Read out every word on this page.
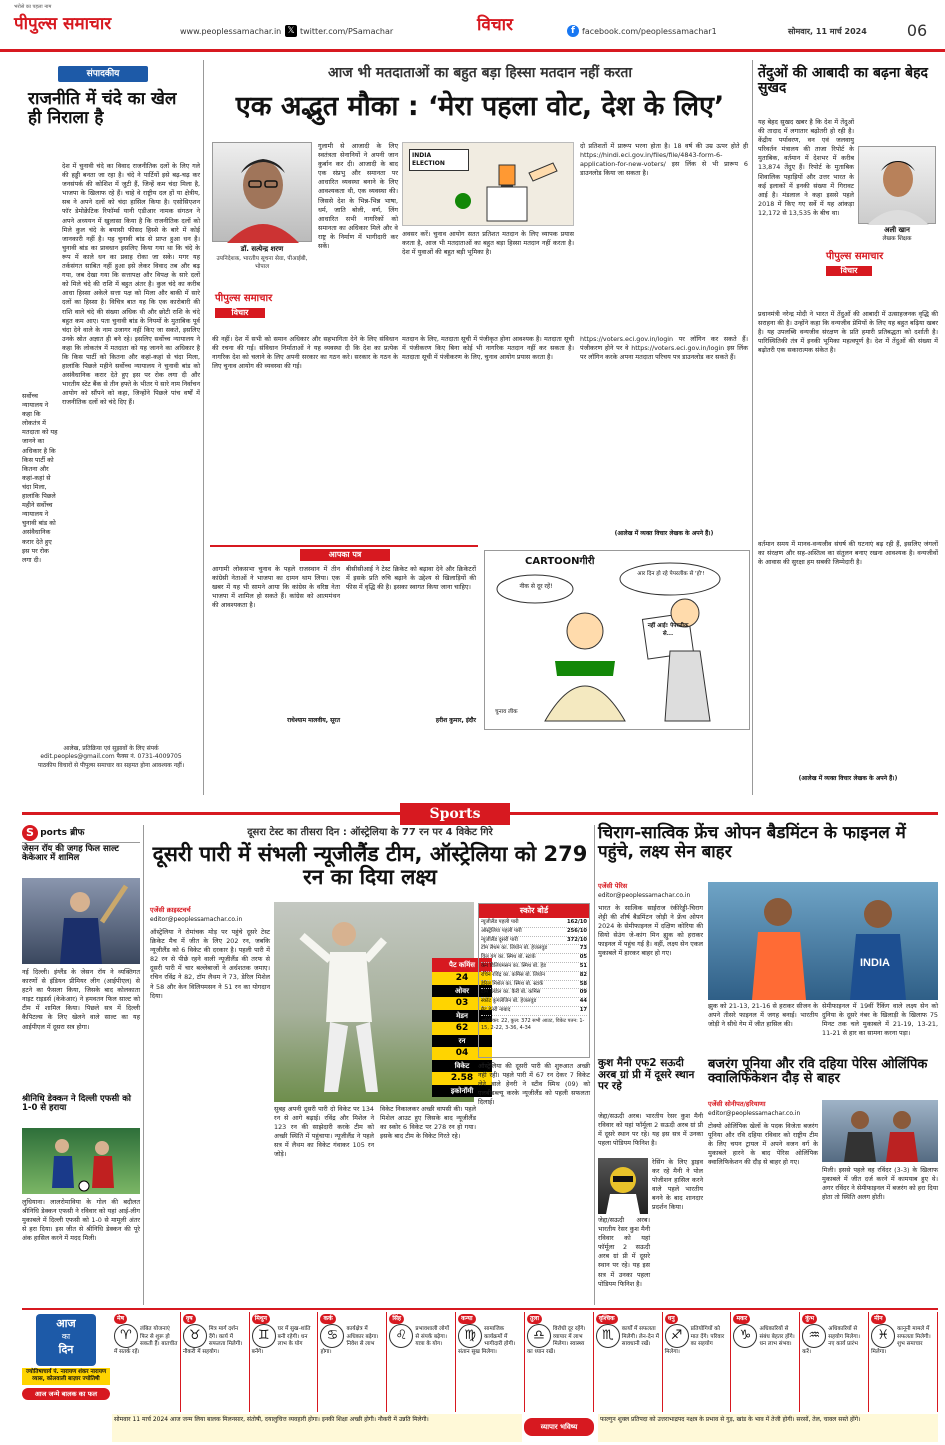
भरोसे का पहला नाम
पीपुल्स समाचार	www.peoplessamachar.in 𝕏 twitter.com/PSamachar	विचार	f facebook.com/peoplessamachar1	सोमवार, 11 मार्च 2024	06
संपादकीय
राजनीति में चंदे का खेल ही निराला है
देश में चुनावी चंदे का विवाद राजनीतिक दलों के लिए गले की हड्डी बनता जा रहा है। चंदे ने पार्टियों इसे बढ़-चढ़ कर जनसंपर्क की कोशिश में जुटी हैं, जिन्हें कम चंदा मिला है, भाजपा के खिलाफ रहे हैं। चाहे वे राष्ट्रीय दल हों या क्षेत्रीय, सब ने अपने दलों को चंदा हासिल किया है। एसोसिएशन फॉर डेमोक्रेटिक रिफॉर्म्स यानी एडीआर नामक संगठन ने अपने अध्ययन में खुलासा किया है कि राजनीतिक दलों को मिले कुल चंदे के बयासी फीसद हिस्से के बारे में कोई जानकारी नहीं है। यह चुनावी बांड से प्राप्त हुआ धन है। चुनावी बांड का प्रावधान इसलिए किया गया था कि चंदे के रूप में काले धन का प्रवाह रोका जा सके। मगर यह तर्कसंगत साबित नहीं हुआ इसे लेकर विवाद तब और बढ़ गया, जब देखा गया कि सत्तापक्ष और विपक्ष के सारे दलों को मिले चंदे की राशि में बहुत अंतर है। कुल चंदे का करीब आधा हिस्सा अकेले सत्ता पक्ष को मिला और बाकी में सारे दलों का हिस्सा है। विचित्र बात यह कि एक कारोबारी की राशि वाले चंदे की संख्या अधिक थी और छोटी राशि के चंदे बहुत कम आए। पता चुनावी बांड के नियमों के मुताबिक पूर्व चंदा देने वाले के नाम उजागर नहीं किए जा सकते, इसलिए उनके स्रोत अज्ञात ही बने रहे। इसलिए सर्वोच्च न्यायालय ने कहा कि लोकतंत्र में मतदाता को यह जानने का अधिकार है कि किस पार्टी को कितना और कहां-कहां से चंदा मिला, हालांकि पिछले महीने सर्वोच्च न्यायालय ने चुनावी बांड को असंवैधानिक करार देते हुए इस पर रोक लगा दी और भारतीय स्टेट बैंक से तीन हफ्ते के भीतर ये सारे नाम निर्वाचन आयोग को सौंपने को कहा, जिन्होंने पिछले पांच वर्षों में राजनीतिक दलों को चंदे दिए हैं।
सर्वोच्च न्यायालय ने कहा कि लोकतंत्र में मतदाता को यह जानने का अधिकार है कि किस पार्टी को कितना और कहां-कहां से चंदा मिला, हालांकि पिछले महीने सर्वोच्च न्यायालय ने चुनावी बांड को असंवैधानिक करार देते हुए इस पर रोक लगा दी।
आलेख, प्रतिक्रिया एवं सुझावों के लिए संपर्क
edit.peoples@gmail.com फैक्स नं. 0731-4009705
पाठकीय विचारों से पीपुल्स समाचार का सहमत होना आवश्यक नहीं।
आज भी मतदाताओं का बहुत बड़ा हिस्सा मतदान नहीं करता
एक अद्भुत मौका : ‘मेरा पहला वोट, देश के लिए’
डॉ. सत्येन्द्र शरण
उपनिदेशक, भारतीय सूचना सेवा, पीआईबी, भोपाल
गुलामी से आजादी के लिए स्वतंत्रता सेनानियों ने अपनी जान कुर्बान कर दी। आजादी के बाद एक संप्रभु और समानता पर आधारित व्यवस्था बनाने के लिए आवश्यकता थी, एक व्यवस्था की। जिससे देश के भिन्न-भिन्न भाषा, धर्म, जाति बोली, वर्ण, लिंग आधारित सभी नागरिकों को समानता का अधिकार मिले और वे राष्ट्र के निर्माण में भागीदारी कर सकें।
पीपुल्स समाचार
विचार
INDIA ELECTION
अवसर करें। चुनाव आयोग सतत प्रतिशत मतदान के लिए व्यापक प्रयास करता है, आज भी मतदाताओं का बहुत बड़ा हिस्सा मतदान नहीं करता है। देश में युवाओं की बहुत बड़ी भूमिका है।
दो प्रतिशतों में प्रारूप भरना होता है। 18 वर्ष की उम्र ऊपर होते ही https://hindi.eci.gov.in/files/file/4843-form-6-application-for-new-voters/ इस लिंक से भी प्रारूप 6 डाउनलोड किया जा सकता है।
की नहीं। देश में सभी को समान अधिकार और सहभागिता देने के लिए संविधान की रचना की गई। संविधान निर्माताओं ने यह व्यवस्था दी कि देश का प्रत्येक नागरिक देश को चलाने के लिए अपनी सरकार का गठन करे। सरकार के गठन के लिए चुनाव आयोग की व्यवस्था की गई।
मतदान के लिए, मतदाता सूची में पंजीकृत होना आवश्यक है। मतदाता सूची में पंजीकरण किए बिना कोई भी नागरिक मतदान नहीं कर सकता है। मतदाता सूची में पंजीकरण के लिए, चुनाव आयोग प्रयास करता है।
https://voters.eci.gov.in/login पर लॉगिन कर सकते हैं। पंजीकरण होने पर वे https://voters.eci.gov.in/login इस लिंक पर लॉगिन करके अपना मतदाता परिचय पत्र डाउनलोड कर सकते हैं।
(आलेख में व्यक्त विचार लेखक के अपने हैं।)
आपका पत्र
आगामी लोकसभा चुनाव के पहले राजस्थान में तीन कांग्रेसी नेताओं ने भाजपा का दामन थाम लिया। एक खबर में यह भी सामने आया कि कांग्रेस के वरिष्ठ नेता भाजपा में शामिल हो सकते हैं। कांग्रेस को आत्ममंथन की आवश्यकता है।
राधेश्याम मालवीय, सूरत
बीसीसीआई ने टेस्ट क्रिकेट को बढ़ावा देने और क्रिकेटरों में इसके प्रति रुचि बढ़ाने के उद्देश्य से खिलाड़ियों की फीस में वृद्धि की है। इसका स्वागत किया जाना चाहिए।
हरीश कुमार, इंदौर
CARTOONगीरी
नीक से दूर रहें!
आर दिन हो रहे पेपरलीक से 'हो'!
नहीं आई! पेपरलीक से...
चुनाव लीक
तेंदुओं की आबादी का बढ़ना बेहद सुखद
यह बेहद सुखद खबर है कि देश में तेंदुओं की तादाद में लगातार बढ़ोतरी हो रही है। केंद्रीय पर्यावरण, वन एवं जलवायु परिवर्तन मंत्रालय की ताजा रिपोर्ट के मुताबिक, वर्तमान में देशभर में करीब 13,874 तेंदुए हैं। रिपोर्ट के मुताबिक शिवालिक पहाड़ियों और उत्तर भारत के कई इलाकों में इनकी संख्या में गिरावट आई है। मंडलाल ने कहा इससे पहले 2018 में किए गए सर्वे में यह आंकड़ा 12,172 से 13,535 के बीच था।
अली खान
लेखक शिक्षक
पीपुल्स समाचार
विचार
प्रधानमंत्री नरेन्द्र मोदी ने भारत में तेंदुओं की आबादी में उत्साहजनक वृद्धि की सराहना की है। उन्होंने कहा कि वन्यजीव प्रेमियों के लिए यह बहुत बढ़िया खबर है। यह उपलब्धि वन्यजीव संरक्षण के प्रति हमारी प्रतिबद्धता को दर्शाती है। पारिस्थितिकी तंत्र में इनकी भूमिका महत्वपूर्ण है। देश में तेंदुओं की संख्या में बढ़ोतरी एक सकारात्मक संकेत है।
वर्तमान समय में मानव-वन्यजीव संघर्ष की घटनाएं बढ़ रही हैं, इसलिए जंगलों का संरक्षण और सह-अस्तित्व का संतुलन बनाए रखना आवश्यक है। वन्यजीवों के आवास की सुरक्षा हम सबकी जिम्मेदारी है।
(आलेख में व्यक्त विचार लेखक के अपने हैं।)
Sports
S ports ब्रीफ
जेसन रॉय की जगह फिल साल्ट केकेआर में शामिल
नई दिल्ली। इंग्लैंड के जेसन रॉय ने व्यक्तिगत कारणों से इंडियन प्रीमियर लीग (आईपीएल) से हटने का फैसला किया, जिसके बाद कोलकाता नाइट राइडर्स (केकेआर) ने हमवतन फिल साल्ट को टीम में शामिल किया। पिछले सत्र में दिल्ली कैपिटल्स के लिए खेलने वाले साल्ट का यह आईपीएल में दूसरा सत्र होगा।
श्रीनिधि डेक्कन ने दिल्ली एफसी को 1-0 से हराया
लुधियाना। लालरोमाविया के गोल की बदौलत श्रीनिधि डेक्कन एफसी ने रविवार को यहां आई-लीग मुकाबले में दिल्ली एफसी को 1-0 से मामूली अंतर से हरा दिया। इस जीत से श्रीनिधि डेक्कन की पूरे अंक हासिल करने में मदद मिली।
दूसरा टेस्ट का तीसरा दिन : ऑस्ट्रेलिया के 77 रन पर 4 विकेट गिरे
दूसरी पारी में संभली न्यूजीलैंड टीम, ऑस्ट्रेलिया को 279 रन का दिया लक्ष्य
एजेंसी क्राइस्टचर्च
editor@peoplessamachar.co.in
ऑस्ट्रेलिया ने रोमांचक मोड़ पर पहुंचे दूसरे टेस्ट क्रिकेट मैच में जीत के लिए 202 रन, जबकि न्यूजीलैंड को 6 विकेट की दरकार है। पहली पारी में 82 रन से पीछे रहने वाली न्यूजीलैंड की तरफ से दूसरी पारी में चार बल्लेबाजों ने अर्धशतक जमाए। रचिन रविंद्र ने 82, टॉम लैथम ने 73, डेरिल मिशेल ने 58 और केन विलियमसन ने 51 रन का योगदान दिया।
पैट कमिंस
24
ओवर
03
मेडन
62
रन
04
विकेट
2.58
इकोनॉमी
सुबह अपनी दूसरी पारी दो विकेट पर 134 रन से आगे बढ़ाई। रविंद्र और मिशेल ने 123 रन की साझेदारी करके टीम को अच्छी स्थिति में पहुंचाया। न्यूजीलैंड ने पहले सत्र में लैथम का विकेट गंवाकर 105 रन जोड़े।
विकेट निकालकर अच्छी वापसी की। पहले मिशेल आउट हुए जिसके बाद न्यूजीलैंड का स्कोर 6 विकेट पर 278 रन हो गया। इसके बाद टीम के विकेट गिरते रहे।
स्कोर बोर्ड
न्यूजीलैंड पहली पारी	162/10
ऑस्ट्रेलिया पहली पारी	256/10
न्यूजीलैंड दूसरी पारी	372/10
टॉम लैथम का. लियोन बो. हेजलवुड	73
विल यंग का. स्मिथ बो. स्टार्क	05
केन विलियमसन का. स्मिथ बो. हेड	51
रचिन रविंद्र का. कमिंस बो. लियोन	82
डेरिल मिशेल का. स्मिथ बो. स्टार्क	58
टॉम ब्लंडेल का. कैरी बो. कमिंस	09
स्कॉट कुगलेजिन बो. हेजलवुड	44
मैट हेनरी नाबाद	17
अतिरिक्त: 22, कुल: 372 सभी आउट, विकेट पतन: 1-15, 2-22, 3-36, 4-34
ऑस्ट्रेलिया की दूसरी पारी की शुरुआत अच्छी नहीं रही। पहले पारी में 67 रन देकर 7 विकेट लेने वाले हेनरी ने स्टीव स्मिथ (09) को एलबीडब्ल्यू करके न्यूजीलैंड को पहली सफलता दिलाई।
चिराग-सात्विक फ्रेंच ओपन बैडमिंटन के फाइनल में पहुंचे, लक्ष्य सेन बाहर
एजेंसी पेरिस
editor@peoplessamachar.co.in
भारत के सात्विक साईराज रंकीरेड्डी-चिराग शेट्टी की शीर्ष बैडमिंटन जोड़ी ने फ्रेंच ओपन 2024 के सेमीफाइनल में दक्षिण कोरिया की सियो सेउंग जे-कांग मिन ह्युक को हराकर फाइनल में पहुंच गई है। वहीं, लक्ष्य सेन एकल मुकाबले में हारकर बाहर हो गए।
INDIA
झुक को 21-13, 21-16 से हराकर सीजन के अपने तीसरे फाइनल में जगह बनाई। भारतीय जोड़ी ने सीधे गेम में जीत हासिल की।
सेमीफाइनल में 19वीं रैंकिंग वाले लक्ष्य सेन को दुनिया के दूसरे नंबर के खिलाड़ी के खिलाफ 75 मिनट तक चले मुकाबले में 21-19, 13-21, 11-21 से हार का सामना करना पड़ा।
कुश मैनी एफ2 सऊदी अरब ग्रां प्री में दूसरे स्थान पर रहे
जेद्दा/सऊदी अरब। भारतीय रेसर कुश मैनी रविवार को यहां फॉर्मूला 2 सऊदी अरब ग्रां प्री में दूसरे स्थान पर रहे। यह इस सत्र में उनका पहला पोडियम फिनिश है।
रेसिंग के लिए ड्राइव कर रहे मैनी ने पोल पोजीशन हासिल करने वाले पहले भारतीय बनने के बाद शानदार प्रदर्शन किया।
जेद्दा/सऊदी अरब। भारतीय रेसर कुश मैनी रविवार को यहां फॉर्मूला 2 सऊदी अरब ग्रां प्री में दूसरे स्थान पर रहे। यह इस सत्र में उनका पहला पोडियम फिनिश है।
बजरंग पूनिया और रवि दहिया पेरिस ओलिंपिक क्वालिफिकेशन दौड़ से बाहर
एजेंसी सोनीपत/हरियाणा
editor@peoplessamachar.co.in
टोक्यो ओलिंपिक खेलों के पदक विजेता बजरंग पूनिया और रवि दहिया रविवार को राष्ट्रीय टीम के लिए चयन ट्रायल में अपने वजन वर्ग के मुकाबले हारने के बाद पेरिस ओलिंपिक क्वालिफिकेशन की दौड़ से बाहर हो गए।
मिली। इससे पहले वह रविंदर (3-3) के खिलाफ मुकाबले में जीत दर्ज करने में कामयाब हुए थे। अगर रविंदर ने सेमीफाइनल में बजरंग को हरा दिया होता तो स्थिति अलग होती।
आज
का
दिन
ज्योतिषाचार्य पं. नारायण शंकर नारायण व्यास, कोलवाली बाज़ार ज्योतिषी
आज जन्मे बालक का फल
मेष

♈	लंबित योजनाएं फिर से शुरू हो सकती हैं। बातचीत में सतर्क रहें।
वृष

♉	मित्र मार्ग दर्शन देंगे। कार्य में सफलता मिलेगी। नौकरी में सहयोग।
मिथुन

♊	घर में सुख-शांति बनी रहेगी। धन लाभ के योग बनेंगे।
कर्क

♋	कार्यक्षेत्र में अधिकार बढ़ेगा। निवेश से लाभ होगा।
सिंह

♌	प्रभावशाली लोगों से संपर्क बढ़ेगा। यात्रा के योग।
कन्या

♍	सामाजिक कार्यक्रमों में भागीदारी होगी। संतान सुख मिलेगा।
तुला

♎	विरोधी दूर रहेंगे। व्यापार में लाभ मिलेगा। स्वास्थ्य का ध्यान रखें।
वृश्चिक

♏	कार्यों में सफलता मिलेगी। लेन-देन में सावधानी रखें।
धनु

♐	प्रतियोगियों को मात देंगे। परिवार का सहयोग मिलेगा।
मकर

♑	अधिकारियों से संबंध बेहतर होंगे। धन लाभ संभव।
कुंभ

♒	अधिकारियों से सहयोग मिलेगा। नए कार्य प्रारंभ करें।
मीन

♓	कानूनी मामले में सफलता मिलेगी। शुभ समाचार मिलेगा।
सोमवार 11 मार्च 2024 आज जन्म लिया बालक मिलनसार, संतोषी, दयालुचित्त व्यवहारी होगा। इनकी शिक्षा अच्छी होगी। नौकरी में उन्नति मिलेगी।
व्यापार भविष्य
फाल्गुन शुक्ल प्रतिपदा को उत्तराभाद्रपद नक्षत्र के प्रभाव से गुड़, खांड के भाव में तेजी होगी। सरसों, तेल, चावल सस्ते होंगे।
